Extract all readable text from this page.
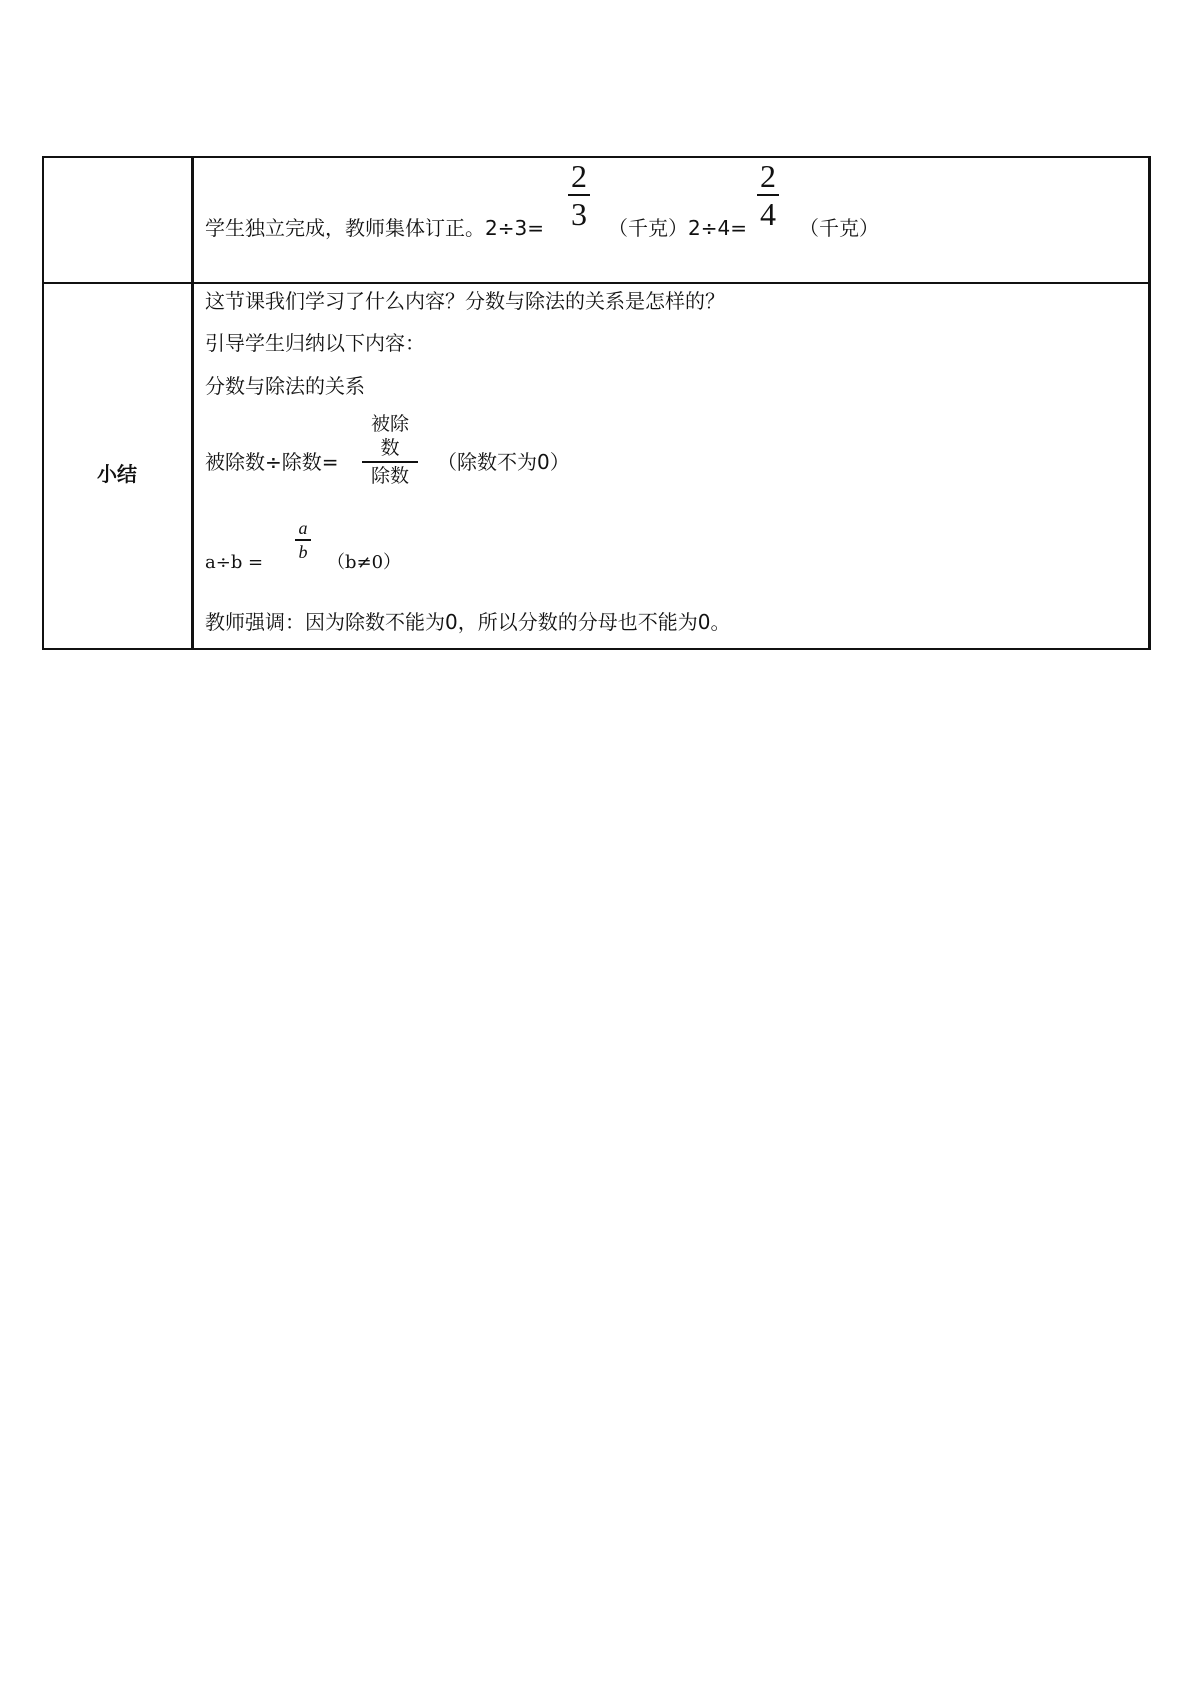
学生独立完成，教师集体订正。2÷3=
2
3 （千克）2÷4=
2
4 （千克）
小结
这节课我们学习了什么内容？分数与除法的关系是怎样的？
引导学生归纳以下内容：
分数与除法的关系
被除数÷除数=
被除数
除数
（除数不为0）
a÷b =
a
b
（b≠0）
教师强调：因为除数不能为0，所以分数的分母也不能为0。
